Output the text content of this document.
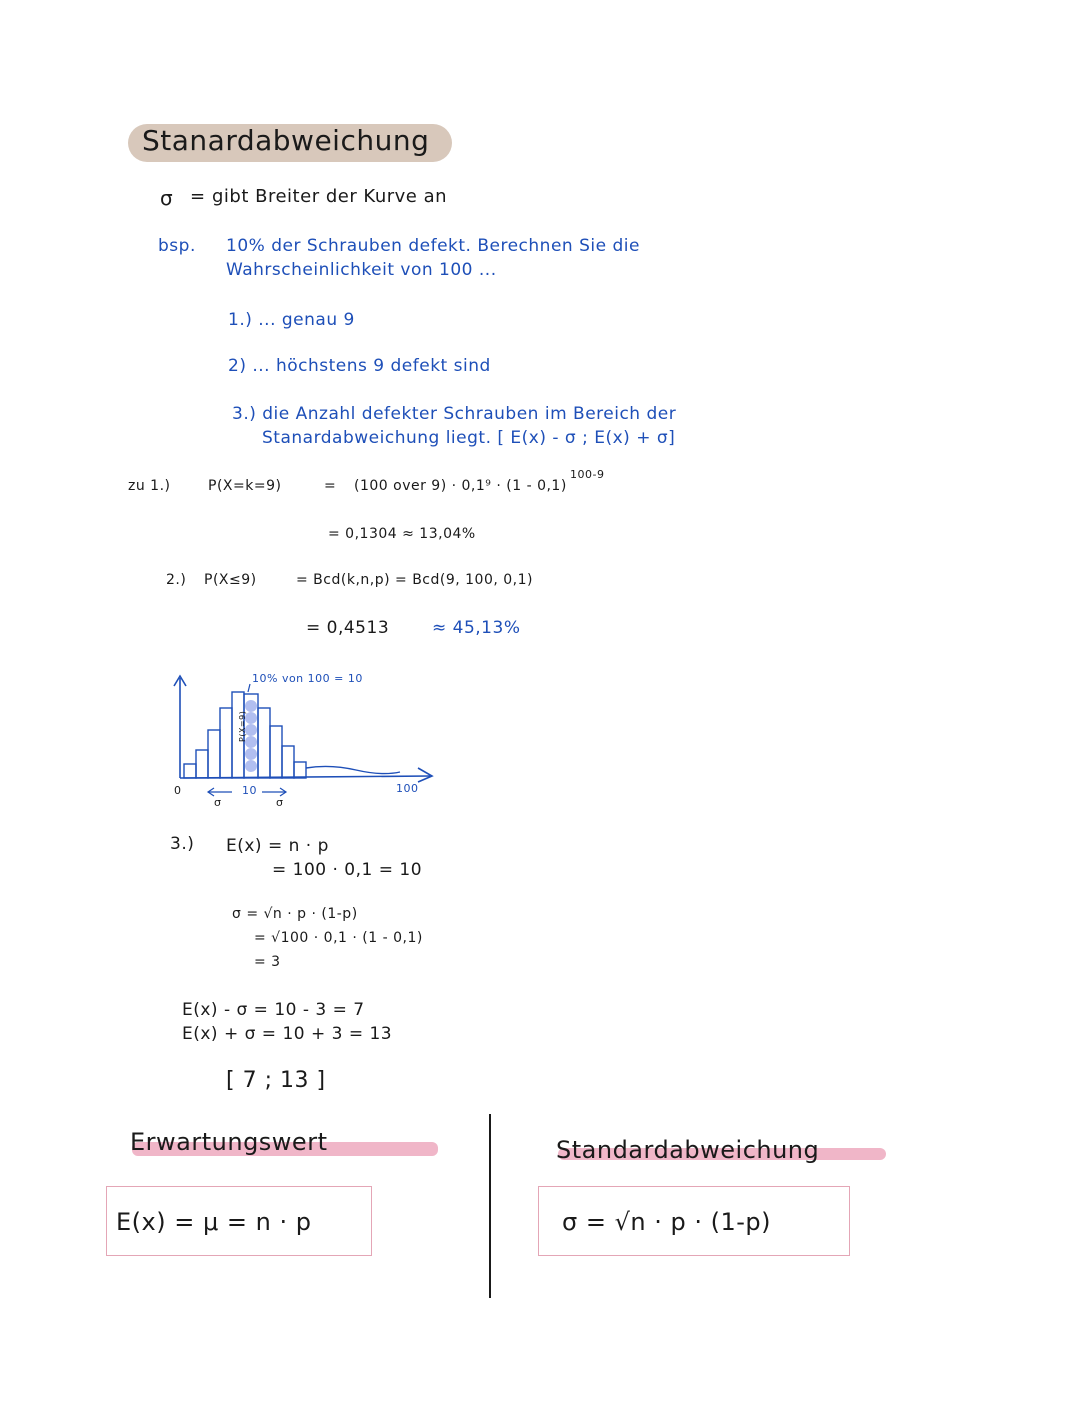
Stanardabweichung
σ = gibt Breiter der Kurve an
bsp. 10% der Schrauben defekt. Berechnen Sie die
Wahrscheinlichkeit von 100 ...
1.) ... genau 9
2) ... höchstens 9 defekt sind
3.) die Anzahl defekter Schrauben im Bereich der
Stanardabweichung liegt. [ E(x) - σ ; E(x) + σ]
zu 1.)	P(X=k=9)	= (100 over 9) · 0,1⁹ · (1 - 0,1)
100-9
= 0,1304 ≈ 13,04%
2.) P(X≤9)	= Bcd(k,n,p) = Bcd(9, 100, 0,1)
= 0,4513	≈ 45,13%
10% von 100 = 10
0	10	100
σ	σ
P(X=9)
3.) E(x) = n · p
= 100 · 0,1 = 10
σ = √n · p · (1-p)
= √100 · 0,1 · (1 - 0,1)
= 3
E(x) - σ = 10 - 3 = 7
E(x) + σ = 10 + 3 = 13
[ 7 ; 13 ]
Erwartungswert
E(x) = μ = n · p
Standardabweichung
σ = √n · p · (1-p)
